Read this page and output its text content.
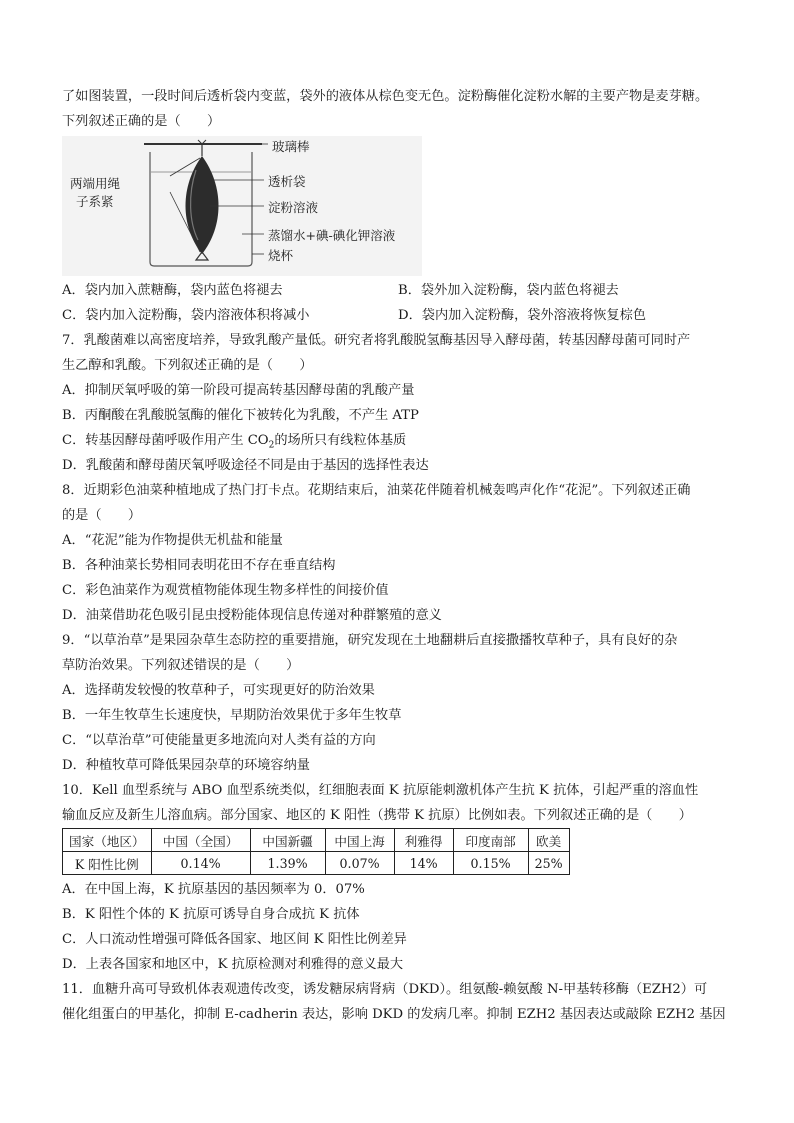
了如图装置，一段时间后透析袋内变蓝，袋外的液体从棕色变无色。淀粉酶催化淀粉水解的主要产物是麦芽糖。
下列叙述正确的是（　　）
玻璃棒
两端用绳
子系紧
透析袋
淀粉溶液
蒸馏水+碘-碘化钾溶液
烧杯
A．袋内加入蔗糖酶，袋内蓝色将褪去	B．袋外加入淀粉酶，袋内蓝色将褪去
C．袋内加入淀粉酶，袋内溶液体积将减小	D．袋内加入淀粉酶，袋外溶液将恢复棕色
7．乳酸菌难以高密度培养，导致乳酸产量低。研究者将乳酸脱氢酶基因导入酵母菌，转基因酵母菌可同时产
生乙醇和乳酸。下列叙述正确的是（　　）
A．抑制厌氧呼吸的第一阶段可提高转基因酵母菌的乳酸产量
B．丙酮酸在乳酸脱氢酶的催化下被转化为乳酸，不产生 ATP
C．转基因酵母菌呼吸作用产生 $CO_2$的场所只有线粒体基质
D．乳酸菌和酵母菌厌氧呼吸途径不同是由于基因的选择性表达
8．近期彩色油菜种植地成了热门打卡点。花期结束后，油菜花伴随着机械轰鸣声化作“花泥”。下列叙述正确
的是（　　）
A．“花泥”能为作物提供无机盐和能量
B．各种油菜长势相同表明花田不存在垂直结构
C．彩色油菜作为观赏植物能体现生物多样性的间接价值
D．油菜借助花色吸引昆虫授粉能体现信息传递对种群繁殖的意义
9．“以草治草”是果园杂草生态防控的重要措施，研究发现在土地翻耕后直接撒播牧草种子，具有良好的杂
草防治效果。下列叙述错误的是（　　）
A．选择萌发较慢的牧草种子，可实现更好的防治效果
B．一年生牧草生长速度快，早期防治效果优于多年生牧草
C．“以草治草”可使能量更多地流向对人类有益的方向
D．种植牧草可降低果园杂草的环境容纳量
10．Kell 血型系统与 ABO 血型系统类似，红细胞表面 K 抗原能刺激机体产生抗 K 抗体，引起严重的溶血性
输血反应及新生儿溶血病。部分国家、地区的 K 阳性（携带 K 抗原）比例如表。下列叙述正确的是（　　）
国家（地区）	中国（全国）	中国新疆	中国上海	利雅得	印度南部	欧美
K 阳性比例	0.14%	1.39%	0.07%	14%	0.15%	25%
A．在中国上海，K 抗原基因的基因频率为 0．07%
B．K 阳性个体的 K 抗原可诱导自身合成抗 K 抗体
C．人口流动性增强可降低各国家、地区间 K 阳性比例差异
D．上表各国家和地区中，K 抗原检测对利雅得的意义最大
11．血糖升高可导致机体表观遗传改变，诱发糖尿病肾病（DKD）。组氨酸-赖氨酸 N-甲基转移酶（EZH2）可
催化组蛋白的甲基化，抑制 E-cadherin 表达，影响 DKD 的发病几率。抑制 EZH2 基因表达或敲除 EZH2 基因
